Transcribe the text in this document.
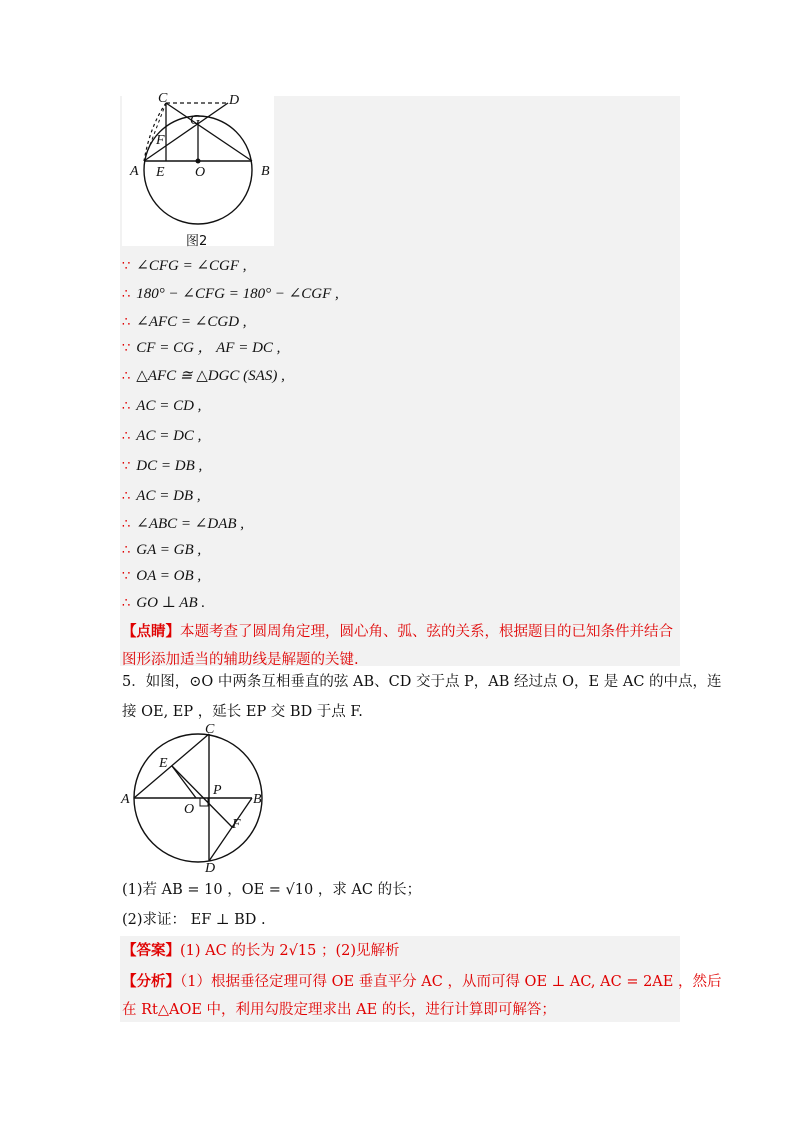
C	D
G
F
A E O	B
图2
∵ ∠CFG = ∠CGF ,
∴ 180° − ∠CFG = 180° − ∠CGF ,
∴ ∠AFC = ∠CGD ,
∵ CF = CG ， AF = DC ,
∴ △AFC ≅ △DGC (SAS) ,
∴ AC = CD ,
∴ AC = DC ,
∵ DC = DB ,
∴ AC = DB ,
∴ ∠ABC = ∠DAB ,
∴ GA = GB ,
∵ OA = OB ,
∴ GO ⊥ AB .
【点睛】本题考查了圆周角定理，圆心角、弧、弦的关系，根据题目的已知条件并结合图形添加适当的辅助线是解题的关键.
5．如图，⊙O 中两条互相垂直的弦 AB、CD 交于点 P，AB 经过点 O，E 是 AC 的中点，连
接 OE, EP ，延长 EP 交 BD 于点 F.
C
E
A
P
B
O
F
D
(1)若 AB = 10 ，OE = √10 ，求 AC 的长；
(2)求证： EF ⊥ BD .
【答案】(1) AC 的长为 2√15 ；(2)见解析
【分析】（1）根据垂径定理可得 OE 垂直平分 AC ，从而可得 OE ⊥ AC, AC = 2AE ，然后
在 Rt△AOE 中，利用勾股定理求出 AE 的长，进行计算即可解答；
